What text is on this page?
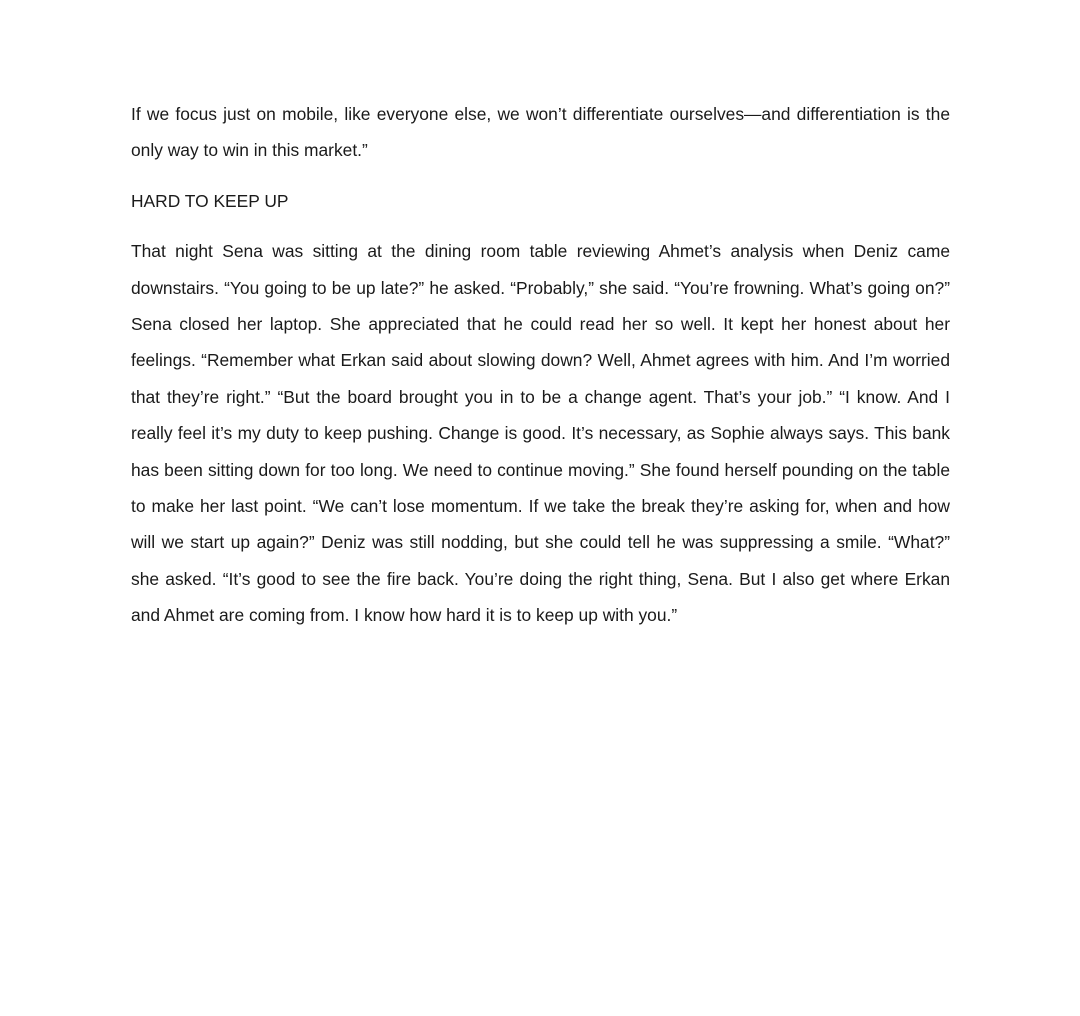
If we focus just on mobile, like everyone else, we won’t differentiate ourselves—and differentiation is the only way to win in this market.”

HARD TO KEEP UP

That night Sena was sitting at the dining room table reviewing Ahmet’s analysis when Deniz came downstairs. “You going to be up late?” he asked. “Probably,” she said. “You’re frowning. What’s going on?” Sena closed her laptop. She appreciated that he could read her so well. It kept her honest about her feelings. “Remember what Erkan said about slowing down? Well, Ahmet agrees with him. And I’m worried that they’re right.” “But the board brought you in to be a change agent. That’s your job.” “I know. And I really feel it’s my duty to keep pushing. Change is good. It’s necessary, as Sophie always says. This bank has been sitting down for too long. We need to continue moving.” She found herself pounding on the table to make her last point. “We can’t lose momentum. If we take the break they’re asking for, when and how will we start up again?” Deniz was still nodding, but she could tell he was suppressing a smile. “What?” she asked. “It’s good to see the fire back. You’re doing the right thing, Sena. But I also get where Erkan and Ahmet are coming from. I know how hard it is to keep up with you.”
